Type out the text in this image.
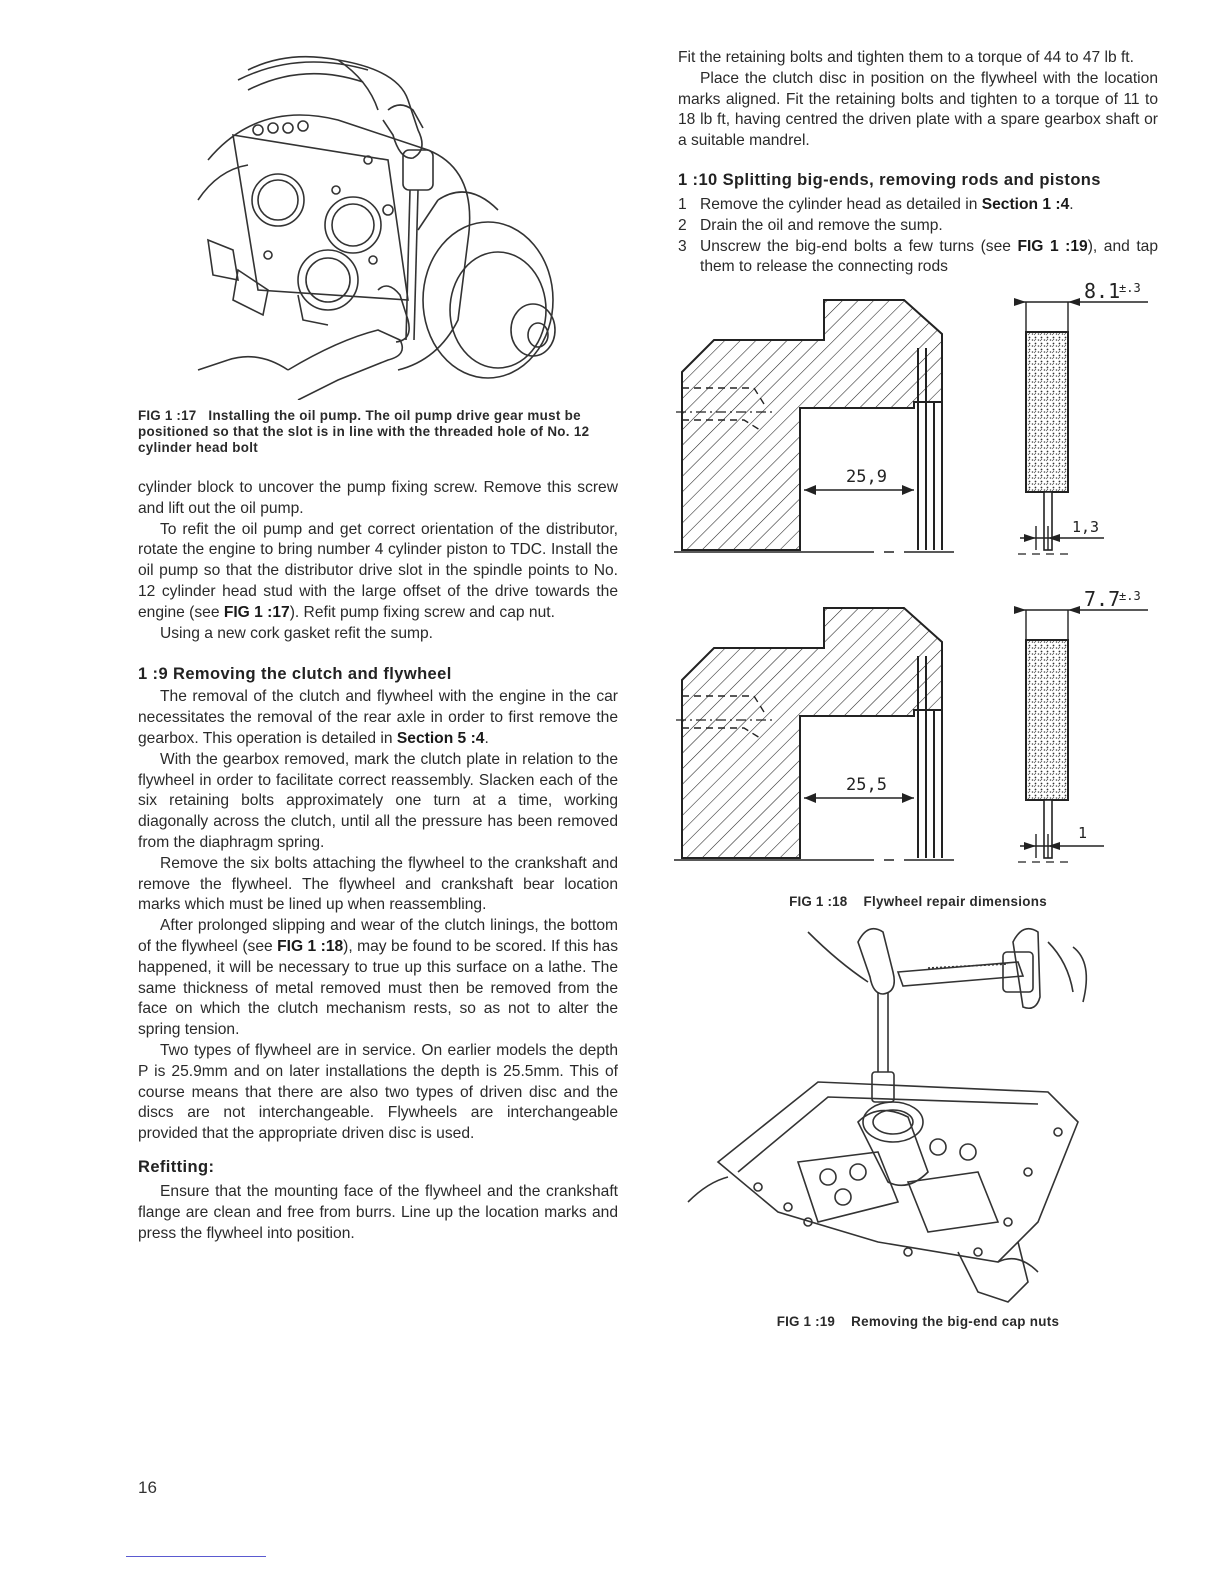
FIG 1 :17 Installing the oil pump. The oil pump drive gear must be positioned so that the slot is in line with the threaded hole of No. 12 cylinder head bolt

cylinder block to uncover the pump fixing screw. Remove this screw and lift out the oil pump.

To refit the oil pump and get correct orientation of the distributor, rotate the engine to bring number 4 cylinder piston to TDC. Install the oil pump so that the distributor drive slot in the spindle points to No. 12 cylinder head stud with the large offset of the drive towards the engine (see FIG 1 :17). Refit pump fixing screw and cap nut.

Using a new cork gasket refit the sump.

1 :9 Removing the clutch and flywheel

The removal of the clutch and flywheel with the engine in the car necessitates the removal of the rear axle in order to first remove the gearbox. This operation is detailed in Section 5 :4.

With the gearbox removed, mark the clutch plate in relation to the flywheel in order to facilitate correct reassembly. Slacken each of the six retaining bolts approximately one turn at a time, working diagonally across the clutch, until all the pressure has been removed from the diaphragm spring.

Remove the six bolts attaching the flywheel to the crankshaft and remove the flywheel. The flywheel and crankshaft bear location marks which must be lined up when reassembling.

After prolonged slipping and wear of the clutch linings, the bottom of the flywheel (see FIG 1 :18), may be found to be scored. If this has happened, it will be necessary to true up this surface on a lathe. The same thickness of metal removed must then be removed from the face on which the clutch mechanism rests, so as not to alter the spring tension.

Two types of flywheel are in service. On earlier models the depth P is 25.9mm and on later installations the depth is 25.5mm. This of course means that there are also two types of driven disc and the discs are not interchangeable. Flywheels are interchangeable provided that the appropriate driven disc is used.

Refitting:

Ensure that the mounting face of the flywheel and the crankshaft flange are clean and free from burrs. Line up the location marks and press the flywheel into position.

Fit the retaining bolts and tighten them to a torque of 44 to 47 lb ft.

Place the clutch disc in position on the flywheel with the location marks aligned. Fit the retaining bolts and tighten to a torque of 11 to 18 lb ft, having centred the driven plate with a spare gearbox shaft or a suitable mandrel.

1 :10 Splitting big-ends, removing rods and pistons
1 Remove the cylinder head as detailed in Section 1 :4.
2 Drain the oil and remove the sump.
3 Unscrew the big-end bolts a few turns (see FIG 1 :19), and tap them to release the connecting rods
25,9
8.1
±.3
1,3
25,5
7.7
±.3
1
FIG 1 :18 Flywheel repair dimensions
FIG 1 :19 Removing the big-end cap nuts
16
